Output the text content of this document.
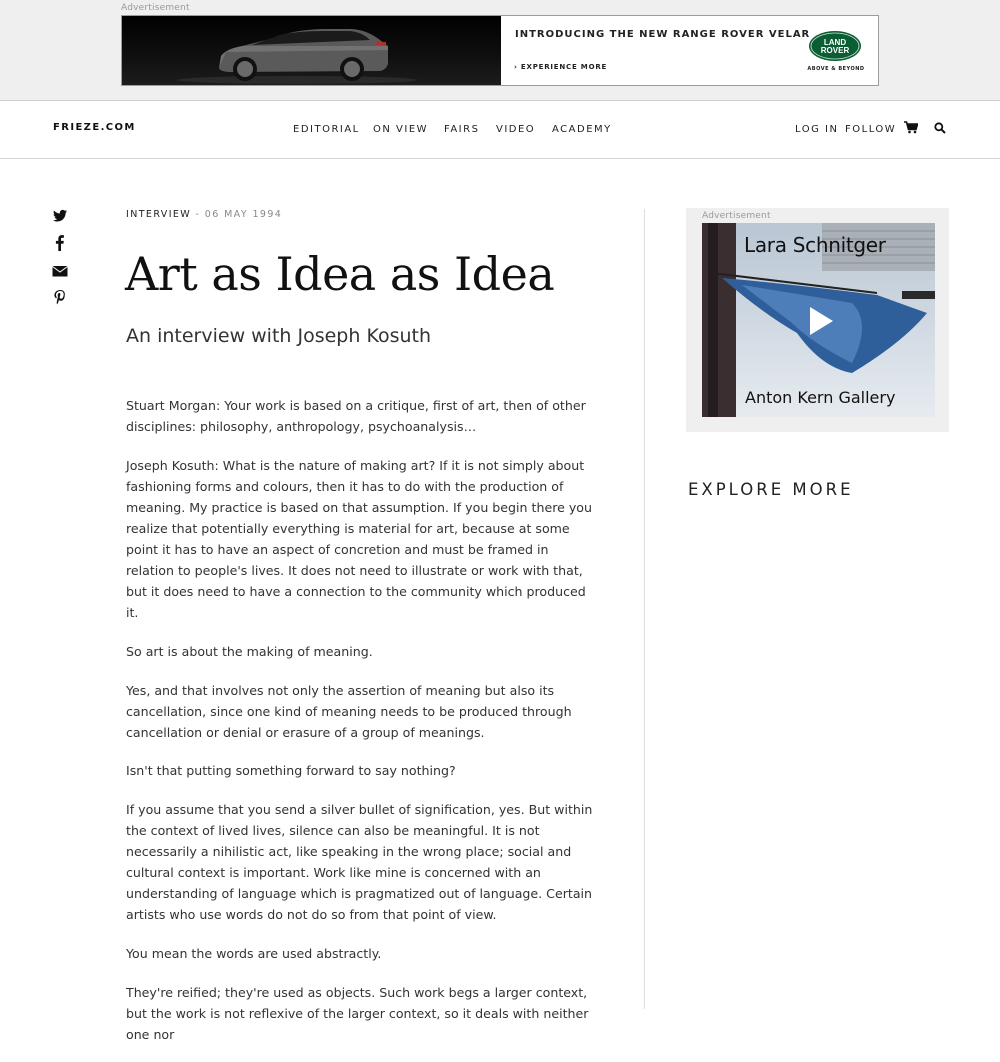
Advertisement
INTRODUCING THE NEW RANGE ROVER VELAR
› EXPERIENCE MORE
LAND
ROVER
ABOVE & BEYOND
FRIEZE.COM	EDITORIAL ON VIEW FAIRS VIDEO ACADEMY	LOG IN FOLLOW
INTERVIEW - 06 MAY 1994
Art as Idea as Idea
An interview with Joseph Kosuth

Stuart Morgan: Your work is based on a critique, first of art, then of other disciplines: philosophy, anthropology, psychoanalysis…

Joseph Kosuth: What is the nature of making art? If it is not simply about fashioning forms and colours, then it has to do with the production of meaning. My practice is based on that assumption. If you begin there you realize that potentially everything is material for art, because at some point it has to have an aspect of concretion and must be framed in relation to people's lives. It does not need to illustrate or work with that, but it does need to have a connection to the community which produced it.

So art is about the making of meaning.

Yes, and that involves not only the assertion of meaning but also its cancellation, since one kind of meaning needs to be produced through cancellation or denial or erasure of a group of meanings.

Isn't that putting something forward to say nothing?

If you assume that you send a silver bullet of signification, yes. But within the context of lived lives, silence can also be meaningful. It is not necessarily a nihilistic act, like speaking in the wrong place; social and cultural context is important. Work like mine is concerned with an understanding of language which is pragmatized out of language. Certain artists who use words do not do so from that point of view.

You mean the words are used abstractly.

They're reified; they're used as objects. Such work begs a larger context, but the work is not reflexive of the larger context, so it deals with neither one nor

Advertisement
Lara Schnitger
Anton Kern Gallery
EXPLORE MORE
